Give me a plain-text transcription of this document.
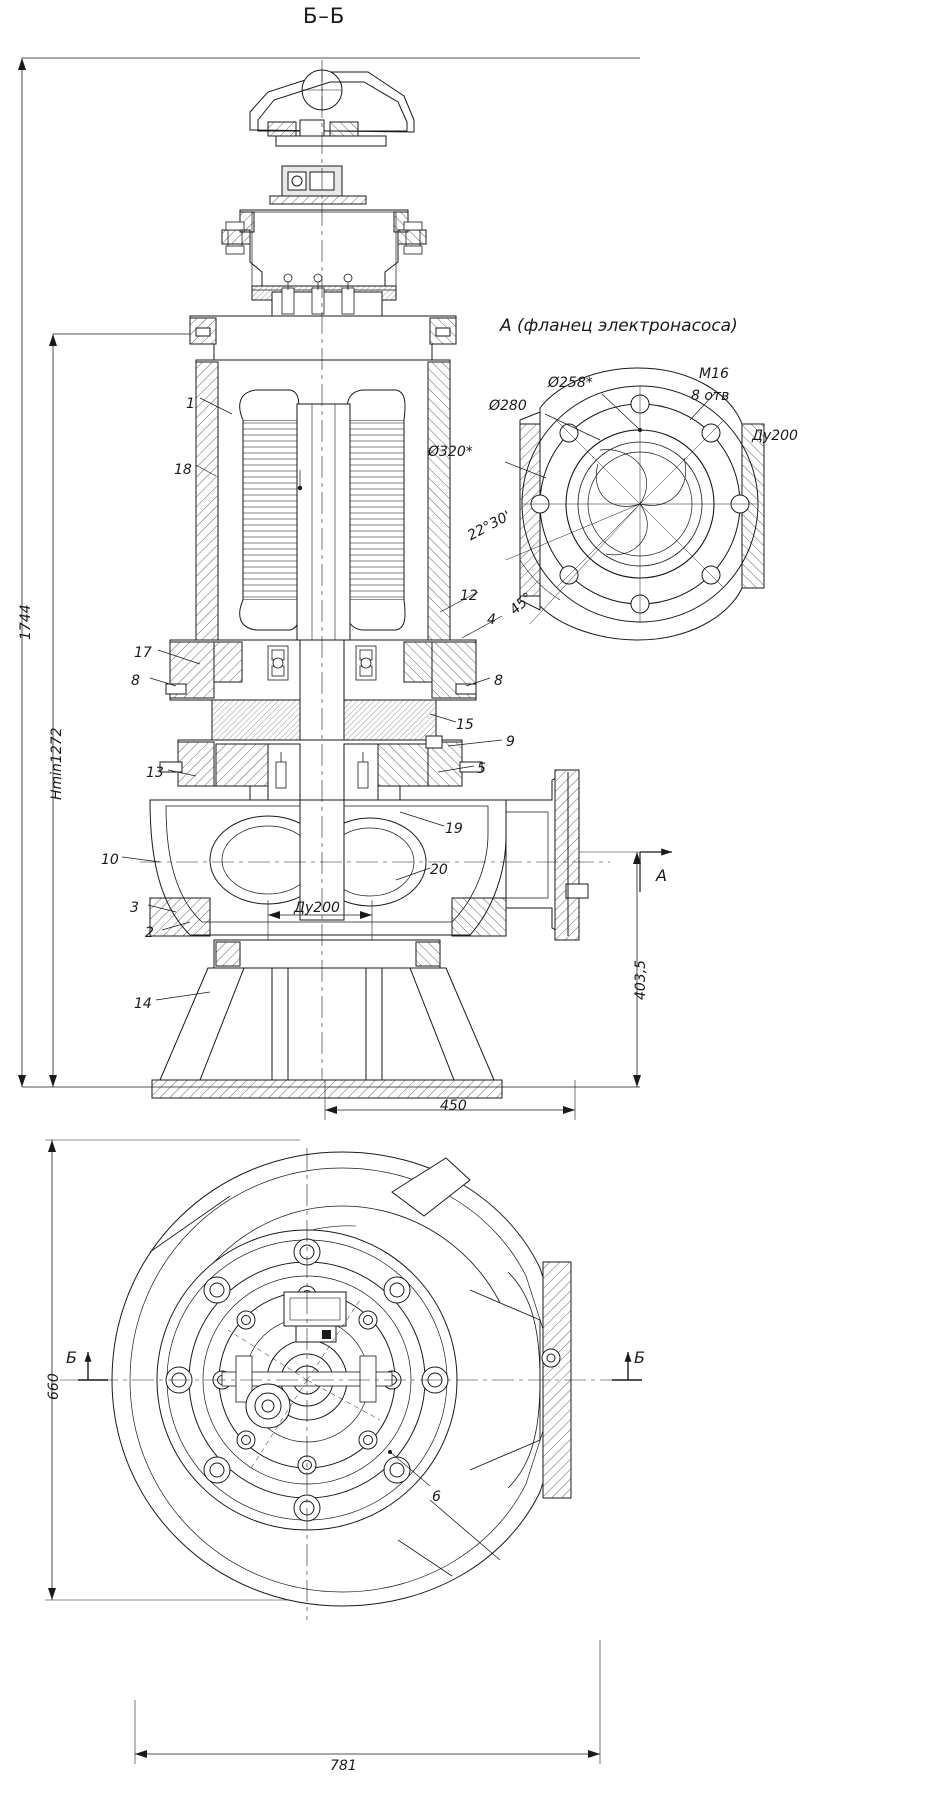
Б–Б
А (фланец электронасоса)
Ø258*
Ø280
Ø320*
M16
8 отв
Ду200
22°30'
45°
1744
Hmin1272
403,5
450
Ду200
660
781
Б	Б
А
1
18
17
8
13
10
3
2
14
12
4
8
15
9
5
19
20
6
